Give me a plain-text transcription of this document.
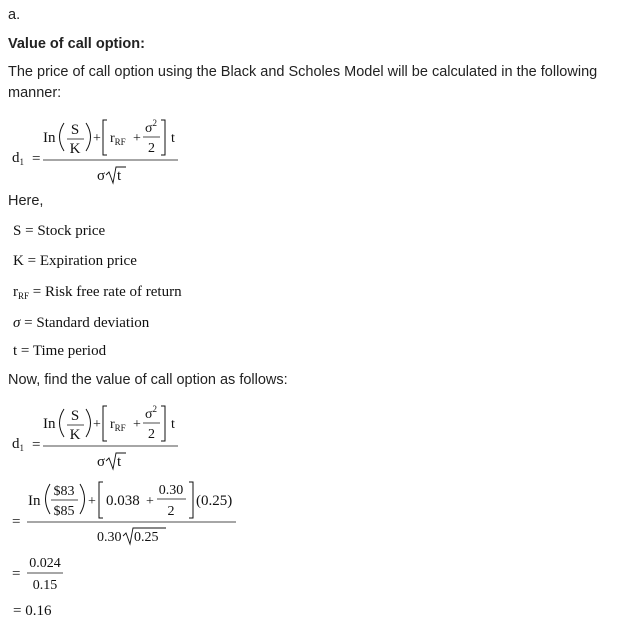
a.
Value of call option:
The price of call option using the Black and Scholes Model will be calculated in the following manner:
$d_1$ =
In S
K
+ $r_{RF}$ +
$\sigma^2$
2
t
σ t
Here,
S = Stock price
K = Expiration price
$r_{RF}$ = Risk free rate of return
σ = Standard deviation
t = Time period
Now, find the value of call option as follows:
$d_1$ =
In S
K
+ $r_{RF}$ +
$\sigma^2$
2
t
σ t
=
In
$83
$85
+ 0.038 +
0.30
2
(0.25)
0.30 0.25
=
0.024
0.15
= 0.16
